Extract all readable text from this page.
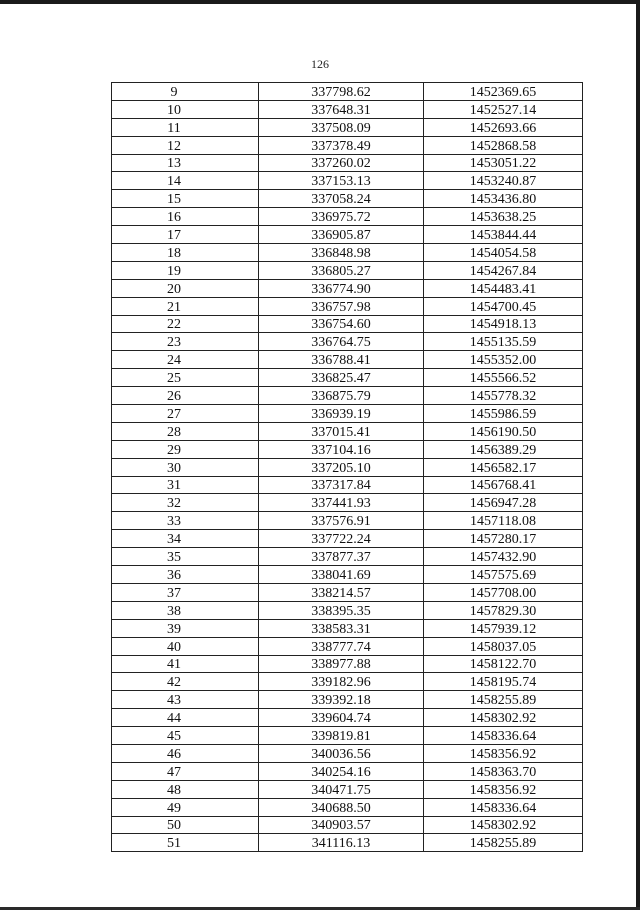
126
9	337798.62	1452369.65
10	337648.31	1452527.14
11	337508.09	1452693.66
12	337378.49	1452868.58
13	337260.02	1453051.22
14	337153.13	1453240.87
15	337058.24	1453436.80
16	336975.72	1453638.25
17	336905.87	1453844.44
18	336848.98	1454054.58
19	336805.27	1454267.84
20	336774.90	1454483.41
21	336757.98	1454700.45
22	336754.60	1454918.13
23	336764.75	1455135.59
24	336788.41	1455352.00
25	336825.47	1455566.52
26	336875.79	1455778.32
27	336939.19	1455986.59
28	337015.41	1456190.50
29	337104.16	1456389.29
30	337205.10	1456582.17
31	337317.84	1456768.41
32	337441.93	1456947.28
33	337576.91	1457118.08
34	337722.24	1457280.17
35	337877.37	1457432.90
36	338041.69	1457575.69
37	338214.57	1457708.00
38	338395.35	1457829.30
39	338583.31	1457939.12
40	338777.74	1458037.05
41	338977.88	1458122.70
42	339182.96	1458195.74
43	339392.18	1458255.89
44	339604.74	1458302.92
45	339819.81	1458336.64
46	340036.56	1458356.92
47	340254.16	1458363.70
48	340471.75	1458356.92
49	340688.50	1458336.64
50	340903.57	1458302.92
51	341116.13	1458255.89
